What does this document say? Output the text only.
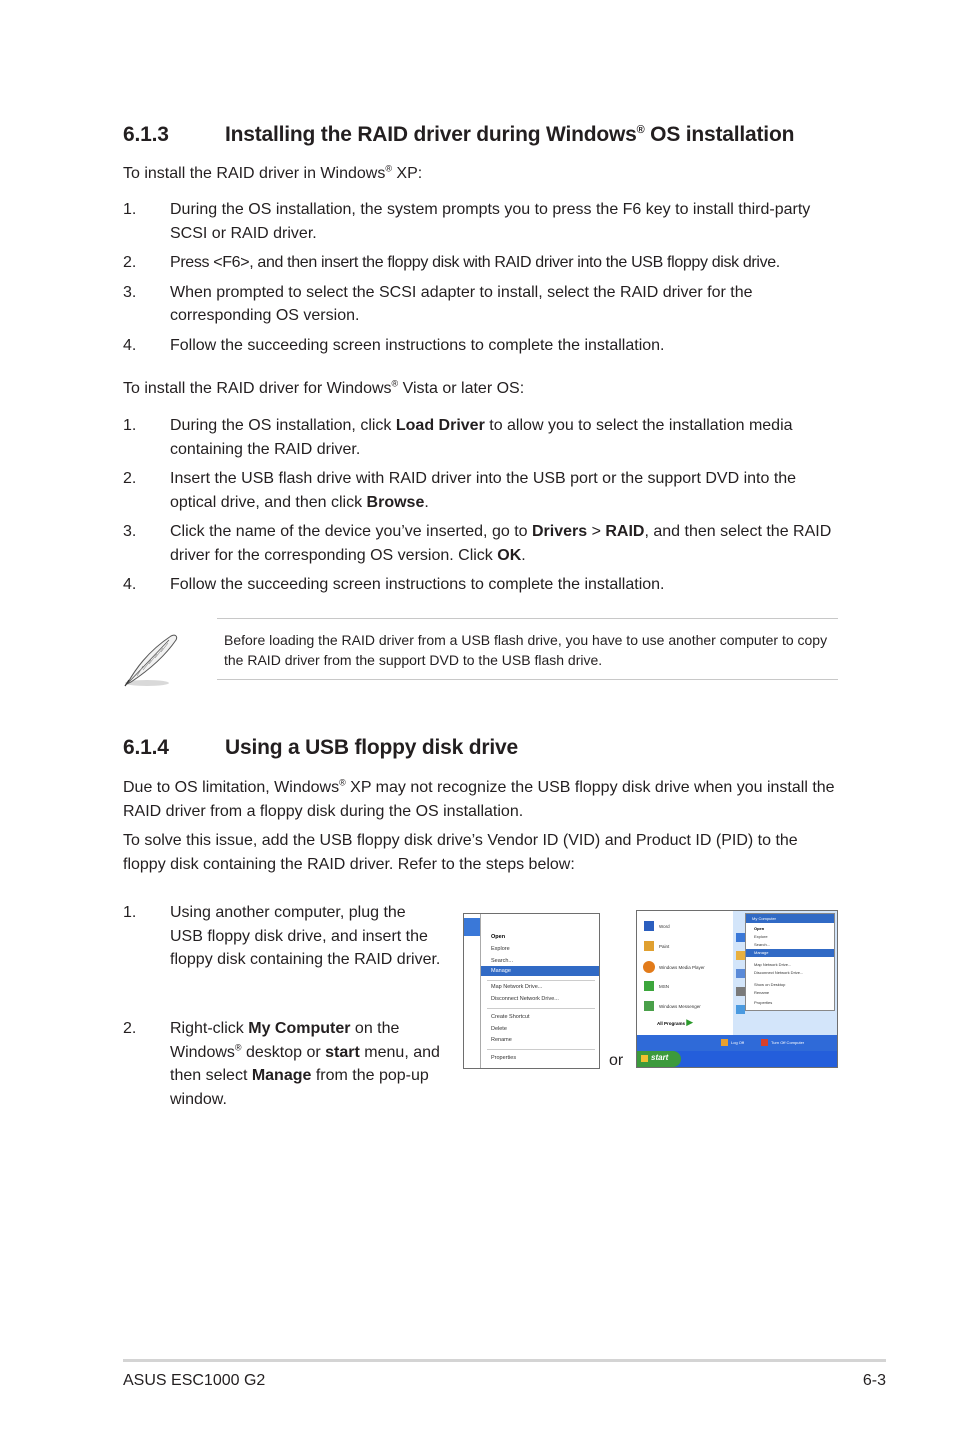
6.1.3	Installing the RAID driver during Windows® OS installation
To install the RAID driver in Windows® XP:
1. During the OS installation, the system prompts you to press the F6 key to install third-party SCSI or RAID driver.
2. Press <F6>, and then insert the floppy disk with RAID driver into the USB floppy disk drive.
3. When prompted to select the SCSI adapter to install, select the RAID driver for the corresponding OS version.
4. Follow the succeeding screen instructions to complete the installation.
To install the RAID driver for Windows® Vista or later OS:
1. During the OS installation, click Load Driver to allow you to select the installation media containing the RAID driver.
2. Insert the USB flash drive with RAID driver into the USB port or the support DVD into the optical drive, and then click Browse.
3. Click the name of the device you’ve inserted, go to Drivers > RAID, and then select the RAID driver for the corresponding OS version. Click OK.
4. Follow the succeeding screen instructions to complete the installation.
Before loading the RAID driver from a USB flash drive, you have to use another computer to copy the RAID driver from the support DVD to the USB flash drive.
6.1.4	Using a USB floppy disk drive
Due to OS limitation, Windows® XP may not recognize the USB floppy disk drive when you install the RAID driver from a floppy disk during the OS installation.
To solve this issue, add the USB floppy disk drive’s Vendor ID (VID) and Product ID (PID) to the floppy disk containing the RAID driver. Refer to the steps below:
1.	Using another computer, plug the USB floppy disk drive, and insert the floppy disk containing the RAID driver.
2.	Right-click My Computer on the Windows® desktop or start menu, and then select Manage from the pop-up window.
Open
Explore
Search...
Manage
Map Network Drive...
Disconnect Network Drive...
Create Shortcut
Delete
Rename
Properties	or
Word
Paint
Windows Media Player
MSN
Windows Messenger
All Programs ▶
My Computer
Open
Explore
Search...
Manage
Map Network Drive...
Disconnect Network Drive...
Show on Desktop
Rename
Properties
Log Off	Turn Off Computer
start
ASUS ESC1000 G2	6-3
